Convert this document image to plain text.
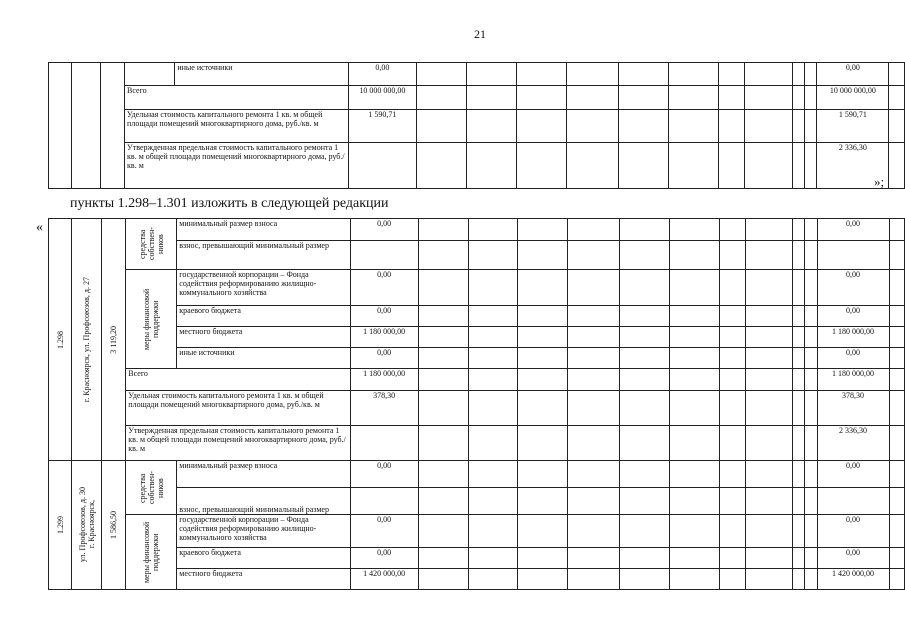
21
				иные источники	0,00											0,00	
			Всего		10 000 000,00											10 000 000,00	
			Удельная стоимость капитального ремонта 1 кв. м общей площади помещений многоквартирного дома, руб./кв. м		1 590,71											1 590,71	
			Утвержденная предельная стоимость капитального ремонта 1 кв. м общей площади помещений многоквартирного дома, руб./кв. м													2 336,30	
»;
пункты 1.298–1.301 изложить в следующей редакции
«
1.298	г. Красноярск, ул. Профсоюзов, д. 27	3 119,20	средства собствен-ников	минимальный размер взноса	0,00											0,00	
				взнос, превышающий минимальный размер													

			меры финансовой поддержки	государственной корпорации – Фонда содействия реформированию жилищно-коммунального хозяйства	0,00											0,00	
				краевого бюджета	0,00											0,00	
				местного бюджета	1 180 000,00											1 180 000,00	
				иные источники	0,00											0,00	
			Всего		1 180 000,00											1 180 000,00	
			Удельная стоимость капитального ремонта 1 кв. м общей площади помещений многоквартирного дома, руб./кв. м		378,30											378,30	
			Утвержденная предельная стоимость капитального ремонта 1 кв. м общей площади помещений многоквартирного дома, руб./кв. м													2 336,30	

1.299	ул. Профсоюзов, д. 30 г. Красноярск,	1 586,50	средства собствен-ников	минимальный размер взноса	0,00											0,00	
				взнос, превышающий минимальный размер													

			меры финансовой поддержки	государственной корпорации – Фонда содействия реформированию жилищно-коммунального хозяйства	0,00											0,00	
				краевого бюджета	0,00											0,00	
				местного бюджета	1 420 000,00											1 420 000,00	
